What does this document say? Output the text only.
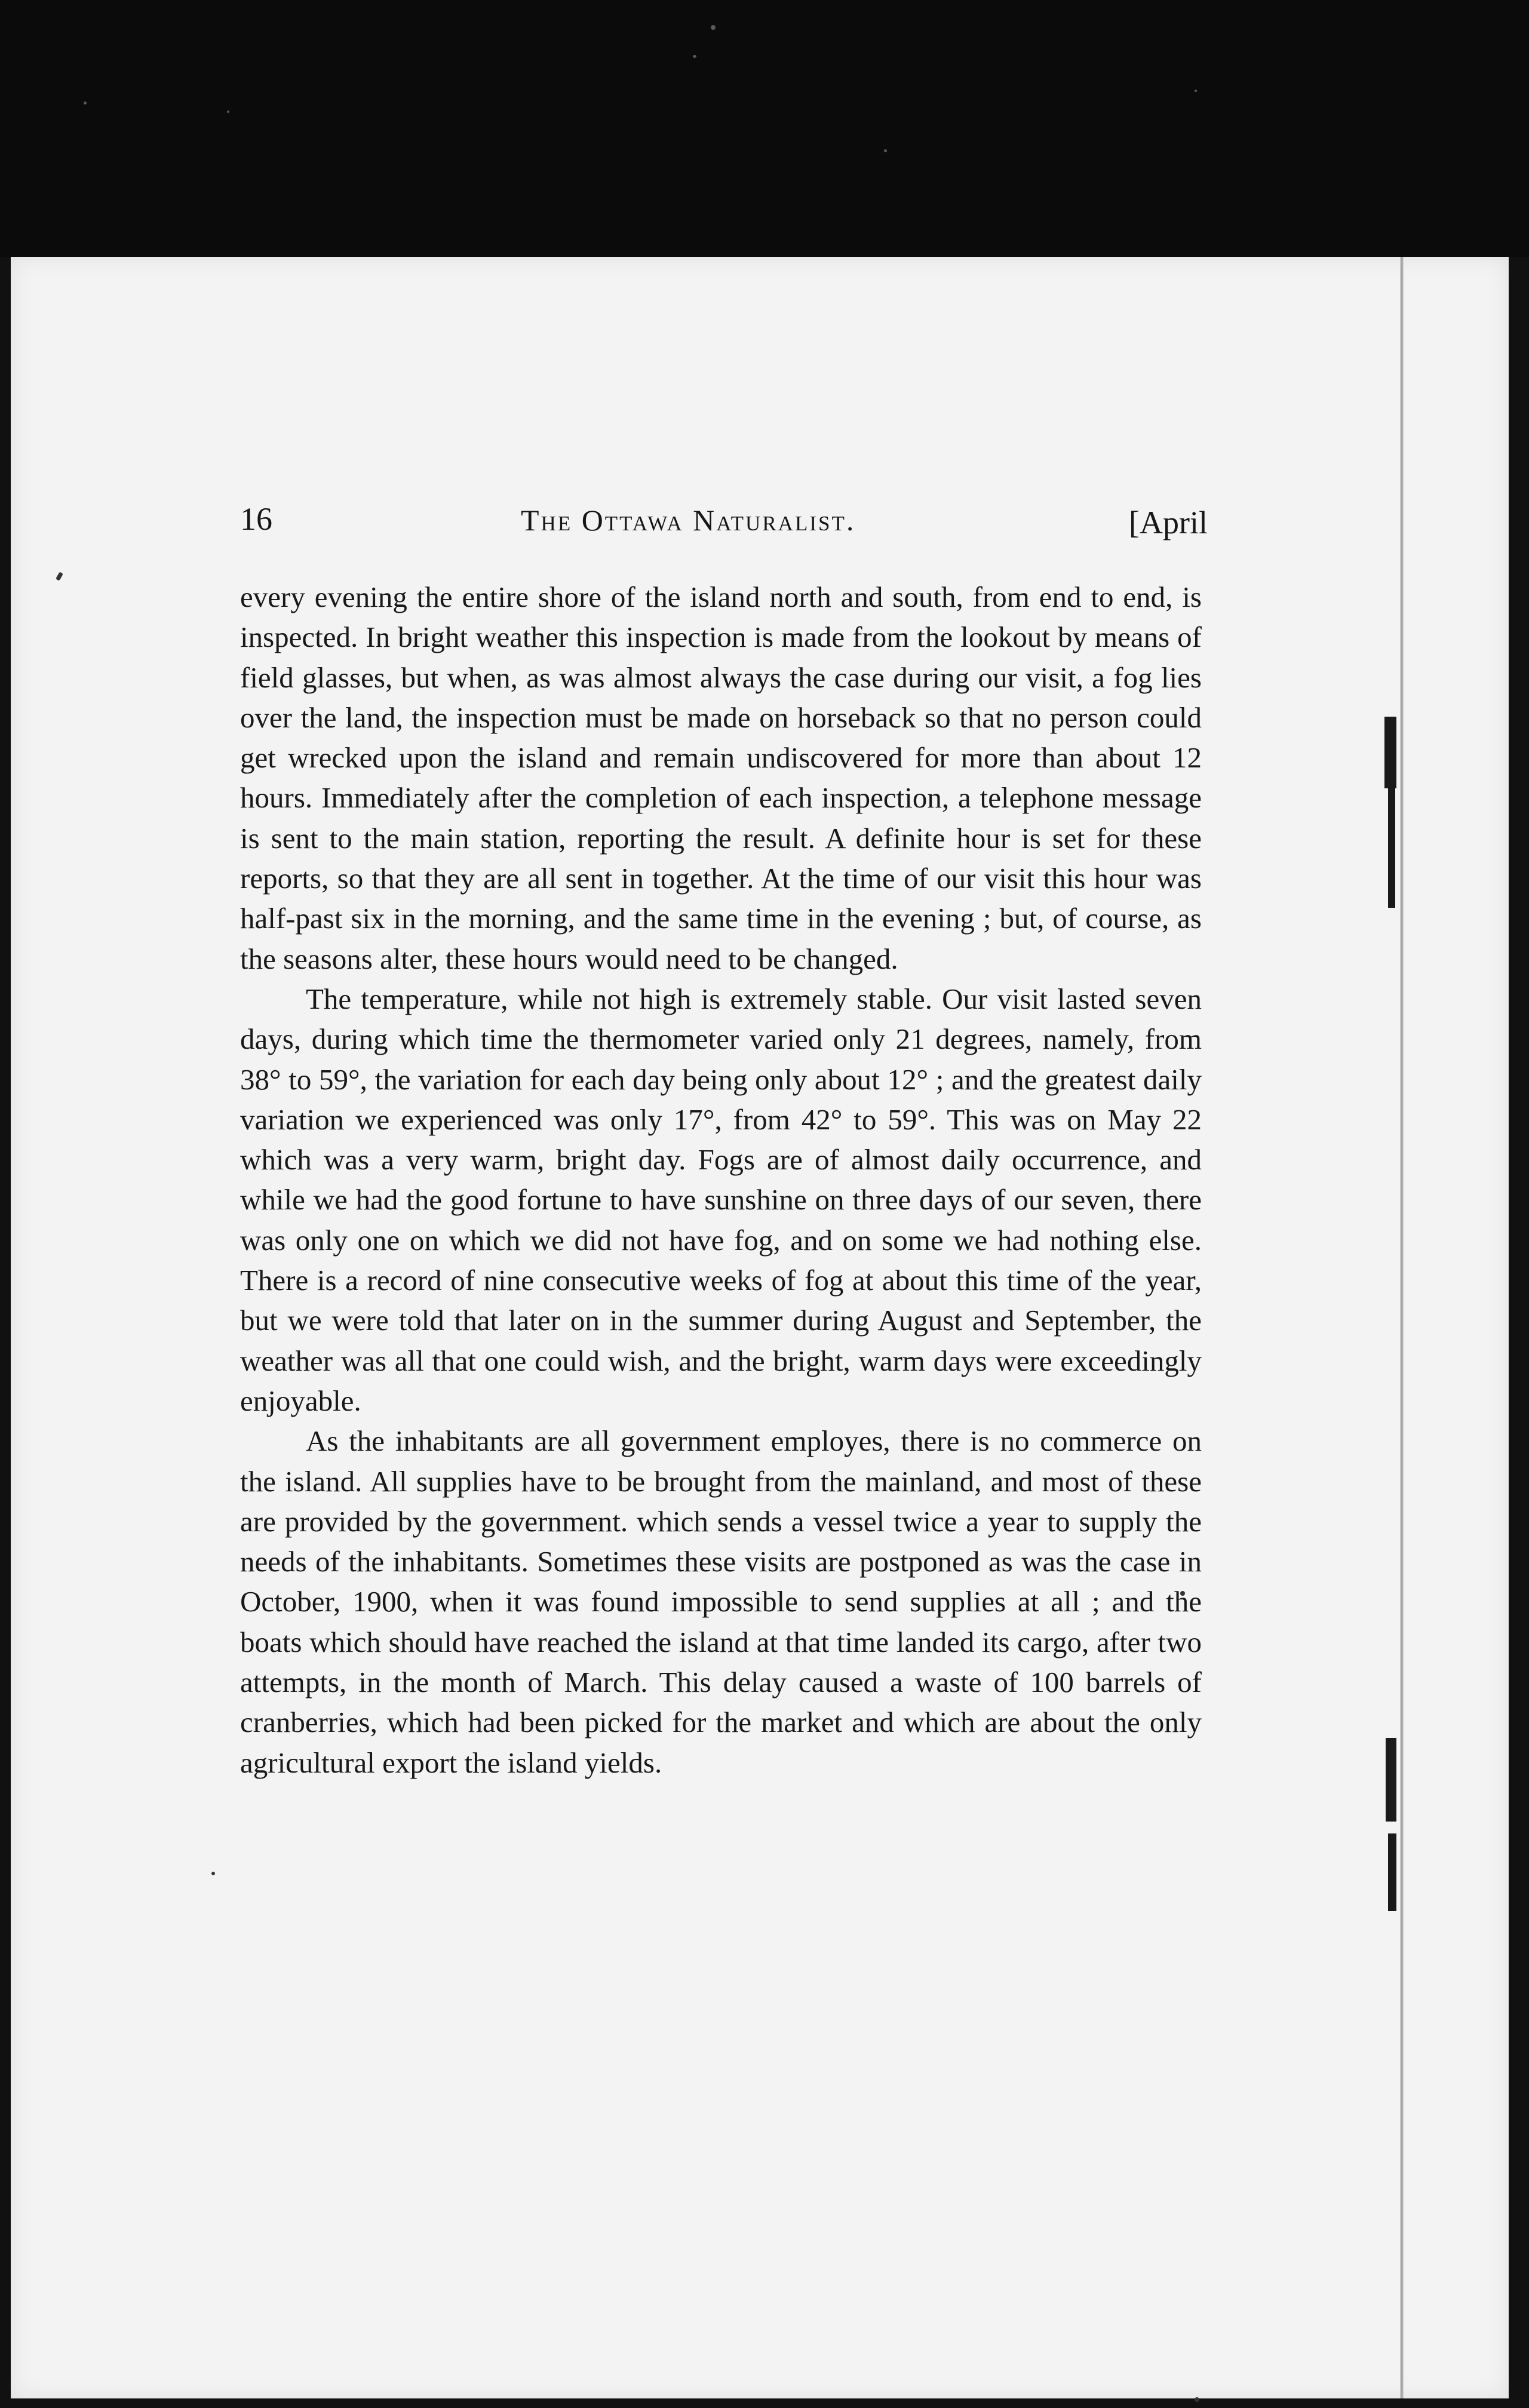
16	The Ottawa Naturalist.	[April

every evening the entire shore of the island north and south, from end to end, is inspected. In bright weather this inspection is made from the lookout by means of field glasses, but when, as was almost always the case during our visit, a fog lies over the land, the inspection must be made on horseback so that no person could get wrecked upon the island and remain undiscovered for more than about 12 hours. Immediately after the completion of each inspection, a telephone message is sent to the main station, reporting the result. A definite hour is set for these reports, so that they are all sent in together. At the time of our visit this hour was half-past six in the morning, and the same time in the evening ; but, of course, as the seasons alter, these hours would need to be changed.

The temperature, while not high is extremely stable. Our visit lasted seven days, during which time the thermometer varied only 21 degrees, namely, from 38° to 59°, the variation for each day being only about 12° ; and the greatest daily variation we experienced was only 17°, from 42° to 59°. This was on May 22 which was a very warm, bright day. Fogs are of almost daily occurrence, and while we had the good fortune to have sunshine on three days of our seven, there was only one on which we did not have fog, and on some we had nothing else. There is a record of nine consecutive weeks of fog at about this time of the year, but we were told that later on in the summer during August and September, the weather was all that one could wish, and the bright, warm days were exceedingly enjoyable.

As the inhabitants are all government employes, there is no commerce on the island. All supplies have to be brought from the mainland, and most of these are provided by the government. which sends a vessel twice a year to supply the needs of the inhabitants. Sometimes these visits are postponed as was the case in October, 1900, when it was found impossible to send supplies at all ; and the boats which should have reached the island at that time landed its cargo, after two attempts, in the month of March. This delay caused a waste of 100 barrels of cranberries, which had been picked for the market and which are about the only agricultural export the island yields.
